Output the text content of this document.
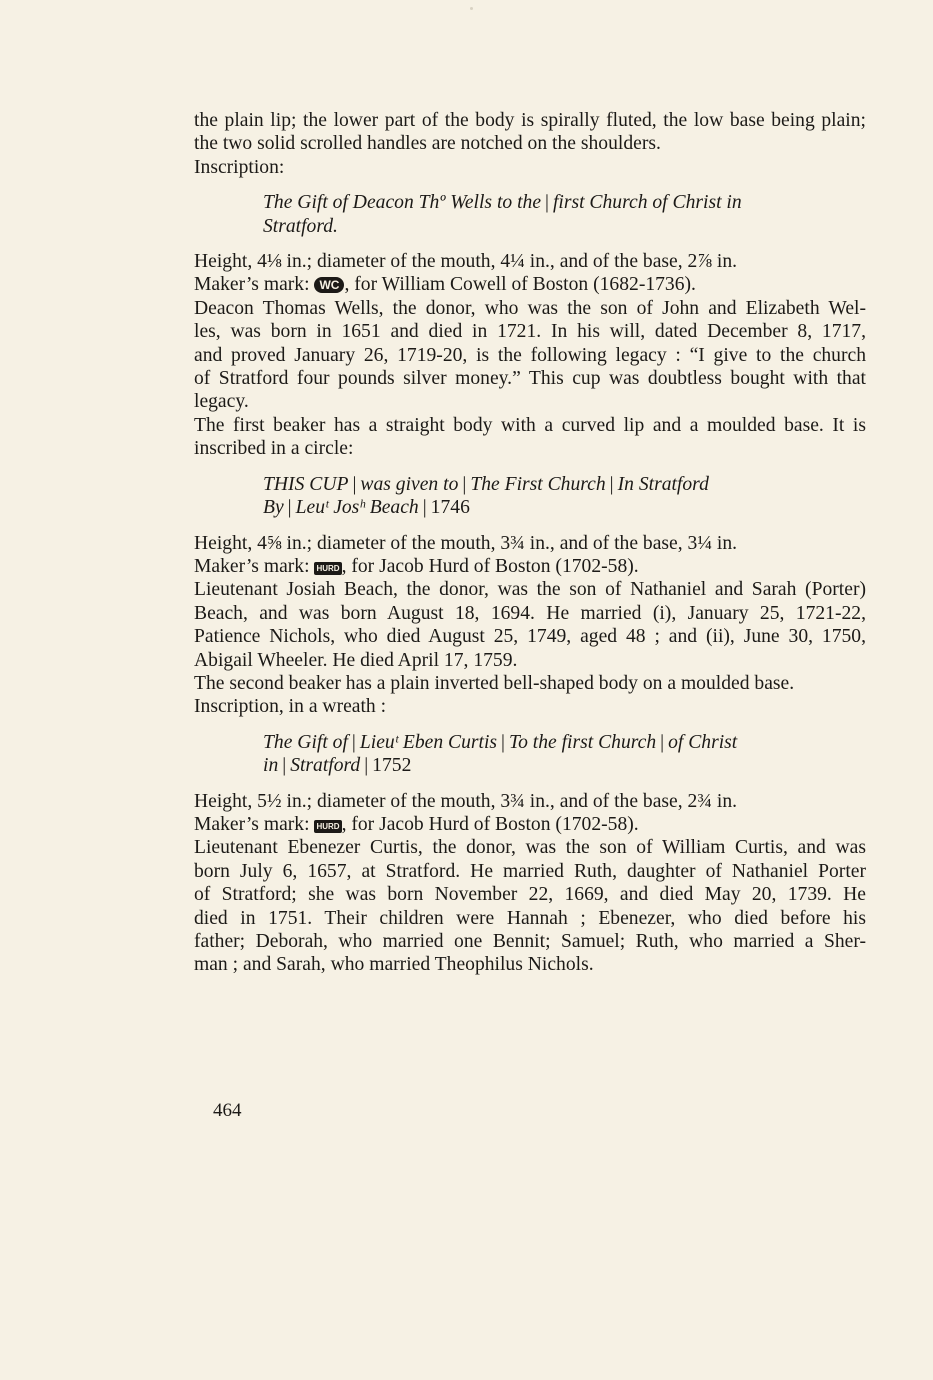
the plain lip; the lower part of the body is spirally fluted, the low base being plain;
the two solid scrolled handles are notched on the shoulders.
Inscription:
The Gift of Deacon Thº Wells to the | first Church of Christ in
Stratford.
Height, 4⅛ in.; diameter of the mouth, 4¼ in., and of the base, 2⅞ in.
Maker’s mark: WC , for William Cowell of Boston (1682-1736).
Deacon Thomas Wells, the donor, who was the son of John and Elizabeth Wel-
les, was born in 1651 and died in 1721. In his will, dated December 8, 1717,
and proved January 26, 1719-20, is the following legacy : “I give to the church
of Stratford four pounds silver money.” This cup was doubtless bought with that
legacy.
The first beaker has a straight body with a curved lip and a moulded base. It is
inscribed in a circle:
THIS CUP | was given to | The First Church | In Stratford
By | Leuᵗ Josʰ Beach | 1746
Height, 4⅝ in.; diameter of the mouth, 3¾ in., and of the base, 3¼ in.
Maker’s mark: HURD , for Jacob Hurd of Boston (1702-58).
Lieutenant Josiah Beach, the donor, was the son of Nathaniel and Sarah (Porter)
Beach, and was born August 18, 1694. He married (i), January 25, 1721-22,
Patience Nichols, who died August 25, 1749, aged 48 ; and (ii), June 30, 1750,
Abigail Wheeler. He died April 17, 1759.
The second beaker has a plain inverted bell-shaped body on a moulded base.
Inscription, in a wreath :
The Gift of | Lieuᵗ Eben Curtis | To the first Church | of Christ
in | Stratford | 1752
Height, 5½ in.; diameter of the mouth, 3¾ in., and of the base, 2¾ in.
Maker’s mark: HURD , for Jacob Hurd of Boston (1702-58).
Lieutenant Ebenezer Curtis, the donor, was the son of William Curtis, and was
born July 6, 1657, at Stratford. He married Ruth, daughter of Nathaniel Porter
of Stratford; she was born November 22, 1669, and died May 20, 1739. He
died in 1751. Their children were Hannah ; Ebenezer, who died before his
father; Deborah, who married one Bennit; Samuel; Ruth, who married a Sher-
man ; and Sarah, who married Theophilus Nichols.
464
